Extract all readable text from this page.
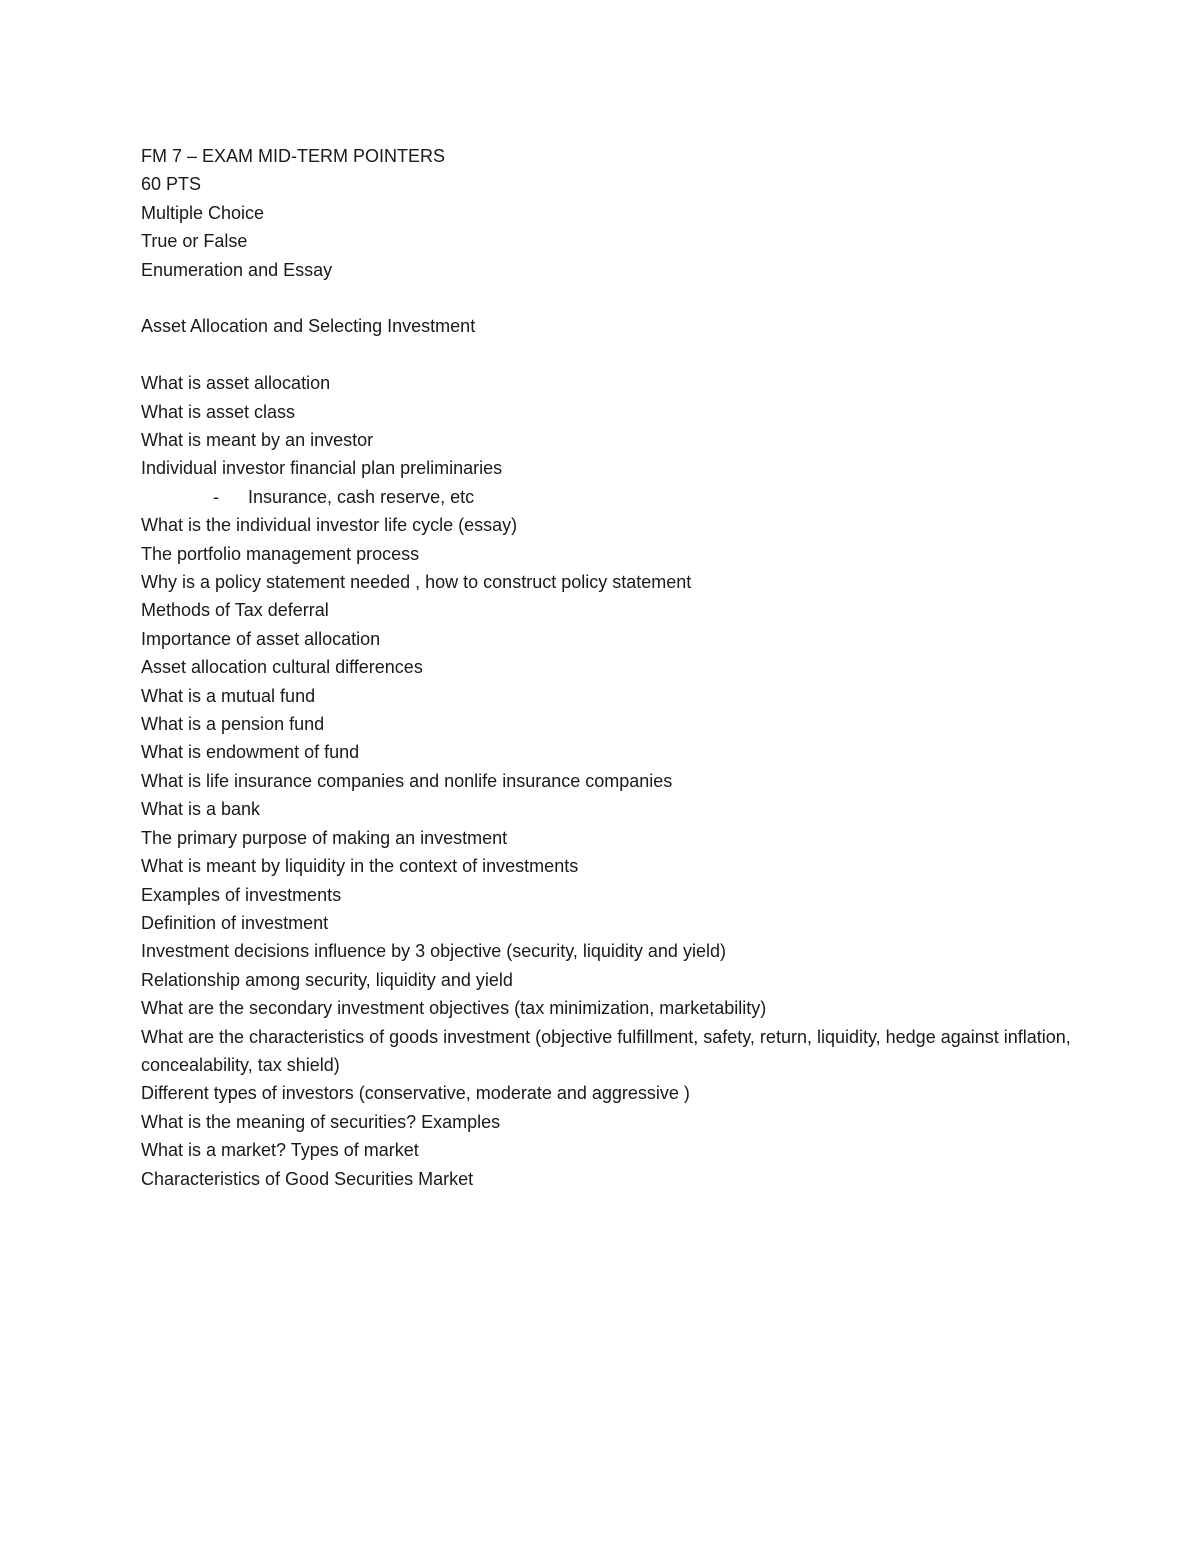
FM 7 – EXAM MID-TERM POINTERS

60 PTS

Multiple Choice

True or False

Enumeration and Essay

Asset Allocation and Selecting Investment

What is asset allocation

What is asset class

What is meant by an investor

Individual investor financial plan preliminaries

- Insurance, cash reserve, etc

What is the individual investor life cycle (essay)

The portfolio management process

Why is a policy statement needed , how to construct policy statement

Methods of Tax deferral

Importance of asset allocation

Asset allocation cultural differences

What is a mutual fund

What is a pension fund

What is endowment of fund

What is life insurance companies and nonlife insurance companies

What is a bank

The primary purpose of making an investment

What is meant by liquidity in the context of investments

Examples of investments

Definition of investment

Investment decisions influence by 3 objective (security, liquidity and yield)

Relationship among security, liquidity and yield

What are the secondary investment objectives (tax minimization, marketability)

What are the characteristics of goods investment (objective fulfillment, safety, return, liquidity, hedge against inflation, concealability, tax shield)

Different types of investors (conservative, moderate and aggressive )

What is the meaning of securities? Examples

What is a market? Types of market

Characteristics of Good Securities Market
